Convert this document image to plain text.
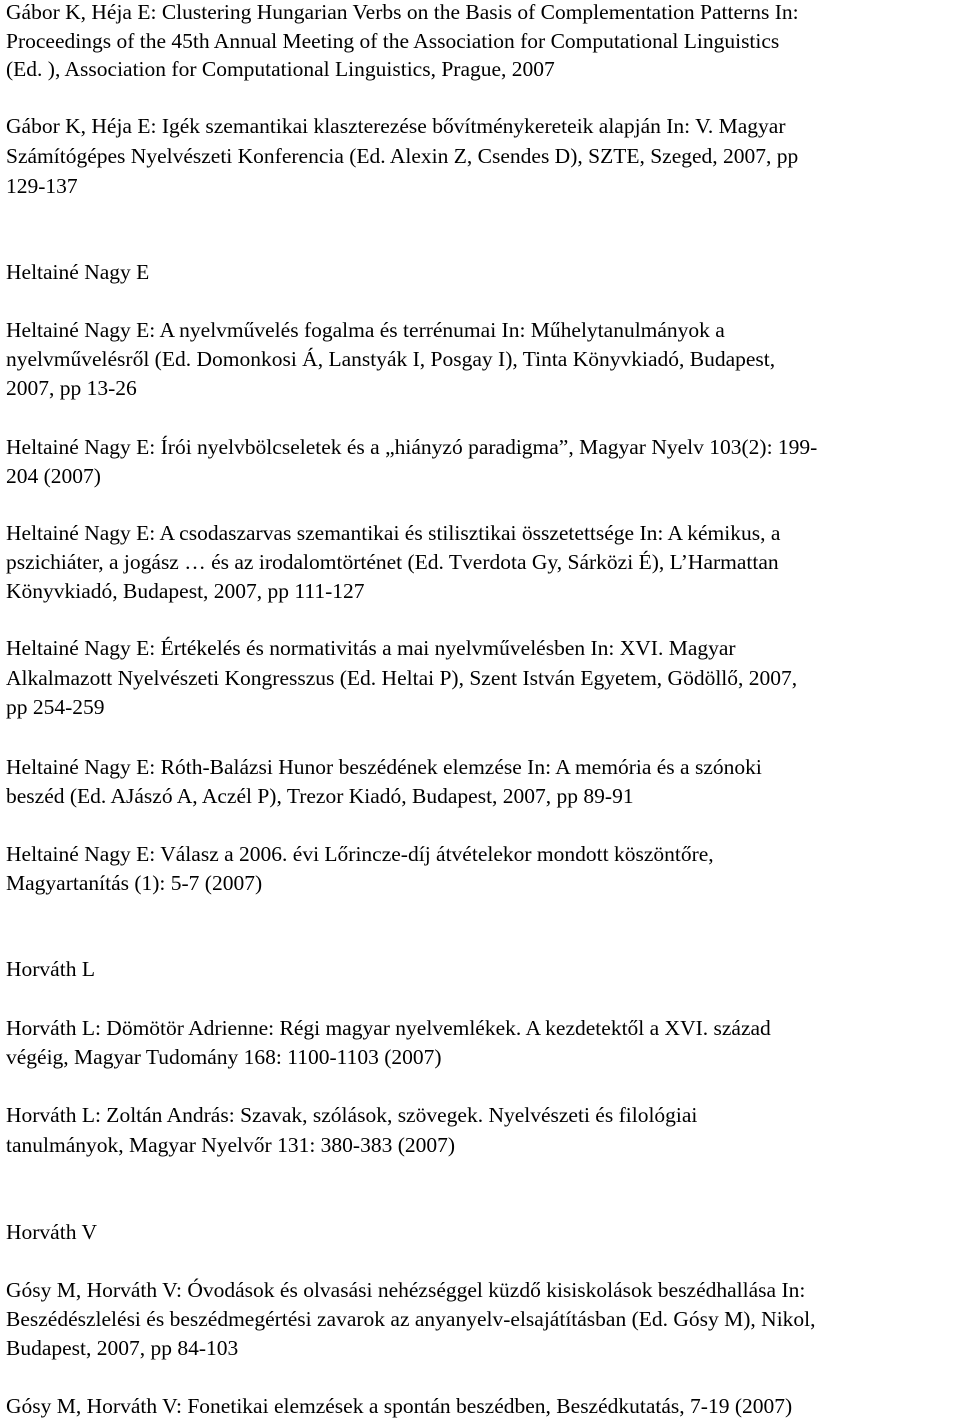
Gábor K, Héja E: Clustering Hungarian Verbs on the Basis of Complementation Patterns In:
Proceedings of the 45th Annual Meeting of the Association for Computational Linguistics
(Ed. ), Association for Computational Linguistics, Prague, 2007
Gábor K, Héja E: Igék szemantikai klaszterezése bővítménykereteik alapján In: V. Magyar
Számítógépes Nyelvészeti Konferencia (Ed. Alexin Z, Csendes D), SZTE, Szeged, 2007, pp
129-137
Heltainé Nagy E
Heltainé Nagy E: A nyelvművelés fogalma és terrénumai In: Műhelytanulmányok a
nyelvművelésről (Ed. Domonkosi Á, Lanstyák I, Posgay I), Tinta Könyvkiadó, Budapest,
2007, pp 13-26
Heltainé Nagy E: Írói nyelvbölcseletek és a „hiányzó paradigma”, Magyar Nyelv 103(2): 199-
204 (2007)
Heltainé Nagy E: A csodaszarvas szemantikai és stilisztikai összetettsége In: A kémikus, a
pszichiáter, a jogász … és az irodalomtörténet (Ed. Tverdota Gy, Sárközi É), L’Harmattan
Könyvkiadó, Budapest, 2007, pp 111-127
Heltainé Nagy E: Értékelés és normativitás a mai nyelvművelésben In: XVI. Magyar
Alkalmazott Nyelvészeti Kongresszus (Ed. Heltai P), Szent István Egyetem, Gödöllő, 2007,
pp 254-259
Heltainé Nagy E: Róth-Balázsi Hunor beszédének elemzése In: A memória és a szónoki
beszéd (Ed. AJászó A, Aczél P), Trezor Kiadó, Budapest, 2007, pp 89-91
Heltainé Nagy E: Válasz a 2006. évi Lőrincze-díj átvételekor mondott köszöntőre,
Magyartanítás (1): 5-7 (2007)
Horváth L
Horváth L: Dömötör Adrienne: Régi magyar nyelvemlékek. A kezdetektől a XVI. század
végéig, Magyar Tudomány 168: 1100-1103 (2007)
Horváth L: Zoltán András: Szavak, szólások, szövegek. Nyelvészeti és filológiai
tanulmányok, Magyar Nyelvőr 131: 380-383 (2007)
Horváth V
Gósy M, Horváth V: Óvodások és olvasási nehézséggel küzdő kisiskolások beszédhallása In:
Beszédészlelési és beszédmegértési zavarok az anyanyelv-elsajátításban (Ed. Gósy M), Nikol,
Budapest, 2007, pp 84-103
Gósy M, Horváth V: Fonetikai elemzések a spontán beszédben, Beszédkutatás, 7-19 (2007)
